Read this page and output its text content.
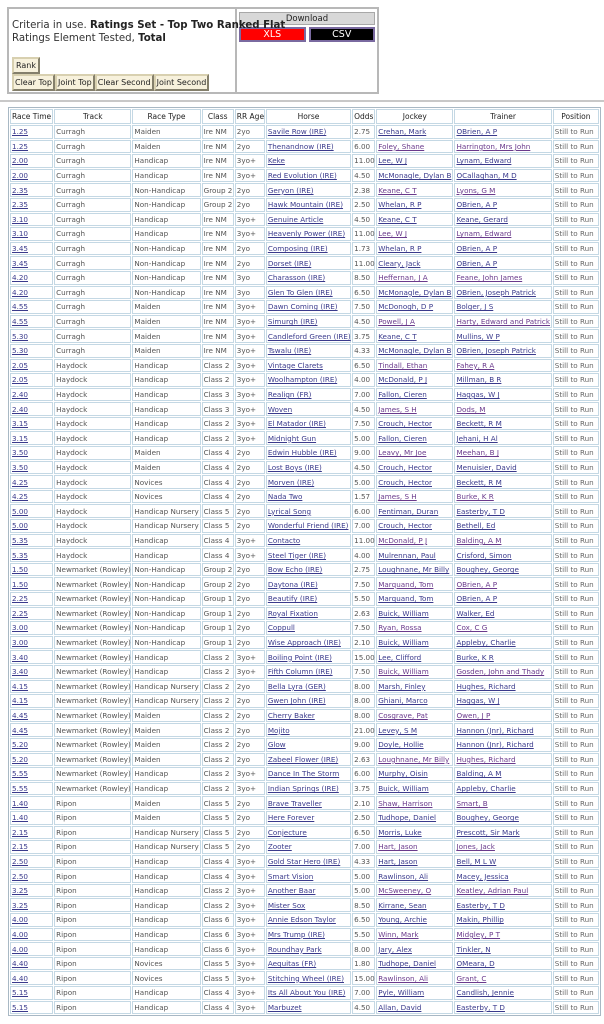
Criteria in use. Ratings Set - Top Two Ranked Flat
Ratings Element Tested, Total
Rank
Clear Top Joint Top Clear Second Joint Second
Download
XLS	CSV
Race Time	Track	Race Type	Class	RR Age	Horse	Odds	Jockey	Trainer	Position
1.25	Curragh	Maiden	Ire NM	2yo	Savile Row (IRE)	2.75	Crehan, Mark	OBrien, A P	Still to Run
1.25	Curragh	Maiden	Ire NM	2yo	Thenandnow (IRE)	6.00	Foley, Shane	Harrington, Mrs John	Still to Run
2.00	Curragh	Handicap	Ire NM	3yo+	Keke	11.00	Lee, W J	Lynam, Edward	Still to Run
2.00	Curragh	Handicap	Ire NM	3yo+	Red Evolution (IRE)	4.50	McMonagle, Dylan B	OCallaghan, M D	Still to Run
2.35	Curragh	Non-Handicap	Group 2	2yo	Geryon (IRE)	2.38	Keane, C T	Lyons, G M	Still to Run
2.35	Curragh	Non-Handicap	Group 2	2yo	Hawk Mountain (IRE)	2.50	Whelan, R P	OBrien, A P	Still to Run
3.10	Curragh	Handicap	Ire NM	3yo+	Genuine Article	4.50	Keane, C T	Keane, Gerard	Still to Run
3.10	Curragh	Handicap	Ire NM	3yo+	Heavenly Power (IRE)	11.00	Lee, W J	Lynam, Edward	Still to Run
3.45	Curragh	Non-Handicap	Ire NM	2yo	Composing (IRE)	1.73	Whelan, R P	OBrien, A P	Still to Run
3.45	Curragh	Non-Handicap	Ire NM	2yo	Dorset (IRE)	11.00	Cleary, Jack	OBrien, A P	Still to Run
4.20	Curragh	Non-Handicap	Ire NM	3yo	Charasson (IRE)	8.50	Heffernan, J A	Feane, John James	Still to Run
4.20	Curragh	Non-Handicap	Ire NM	3yo	Glen To Glen (IRE)	6.50	McMonagle, Dylan B	OBrien, Joseph Patrick	Still to Run
4.55	Curragh	Maiden	Ire NM	3yo+	Dawn Coming (IRE)	7.50	McDonogh, D P	Bolger, J S	Still to Run
4.55	Curragh	Maiden	Ire NM	3yo+	Simurgh (IRE)	4.50	Powell, J A	Harty, Edward and Patrick	Still to Run
5.30	Curragh	Maiden	Ire NM	3yo+	Candleford Green (IRE)	3.75	Keane, C T	Mullins, W P	Still to Run
5.30	Curragh	Maiden	Ire NM	3yo+	Tswalu (IRE)	4.33	McMonagle, Dylan B	OBrien, Joseph Patrick	Still to Run
2.05	Haydock	Handicap	Class 2	3yo+	Vintage Clarets	6.50	Tindall, Ethan	Fahey, R A	Still to Run
2.05	Haydock	Handicap	Class 2	3yo+	Woolhampton (IRE)	4.00	McDonald, P J	Millman, B R	Still to Run
2.40	Haydock	Handicap	Class 3	3yo+	Realign (FR)	7.00	Fallon, Cieren	Haggas, W J	Still to Run
2.40	Haydock	Handicap	Class 3	3yo+	Woven	4.50	James, S H	Dods, M	Still to Run
3.15	Haydock	Handicap	Class 2	3yo+	El Matador (IRE)	7.50	Crouch, Hector	Beckett, R M	Still to Run
3.15	Haydock	Handicap	Class 2	3yo+	Midnight Gun	5.00	Fallon, Cieren	Jehani, H Al	Still to Run
3.50	Haydock	Maiden	Class 4	2yo	Edwin Hubble (IRE)	9.00	Leavy, Mr Joe	Meehan, B J	Still to Run
3.50	Haydock	Maiden	Class 4	2yo	Lost Boys (IRE)	4.50	Crouch, Hector	Menuisier, David	Still to Run
4.25	Haydock	Novices	Class 4	2yo	Morven (IRE)	5.00	Crouch, Hector	Beckett, R M	Still to Run
4.25	Haydock	Novices	Class 4	2yo	Nada Two	1.57	James, S H	Burke, K R	Still to Run
5.00	Haydock	Handicap Nursery	Class 5	2yo	Lyrical Song	6.00	Fentiman, Duran	Easterby, T D	Still to Run
5.00	Haydock	Handicap Nursery	Class 5	2yo	Wonderful Friend (IRE)	7.00	Crouch, Hector	Bethell, Ed	Still to Run
5.35	Haydock	Handicap	Class 4	3yo+	Contacto	11.00	McDonald, P J	Balding, A M	Still to Run
5.35	Haydock	Handicap	Class 4	3yo+	Steel Tiger (IRE)	4.00	Mulrennan, Paul	Crisford, Simon	Still to Run
1.50	Newmarket (Rowley)	Non-Handicap	Group 2	2yo	Bow Echo (IRE)	2.75	Loughnane, Mr Billy	Boughey, George	Still to Run
1.50	Newmarket (Rowley)	Non-Handicap	Group 2	2yo	Daytona (IRE)	7.50	Marquand, Tom	OBrien, A P	Still to Run
2.25	Newmarket (Rowley)	Non-Handicap	Group 1	2yo	Beautify (IRE)	5.50	Marquand, Tom	OBrien, A P	Still to Run
2.25	Newmarket (Rowley)	Non-Handicap	Group 1	2yo	Royal Fixation	2.63	Buick, William	Walker, Ed	Still to Run
3.00	Newmarket (Rowley)	Non-Handicap	Group 1	2yo	Coppull	7.50	Ryan, Rossa	Cox, C G	Still to Run
3.00	Newmarket (Rowley)	Non-Handicap	Group 1	2yo	Wise Approach (IRE)	2.10	Buick, William	Appleby, Charlie	Still to Run
3.40	Newmarket (Rowley)	Handicap	Class 2	3yo+	Boiling Point (IRE)	15.00	Lee, Clifford	Burke, K R	Still to Run
3.40	Newmarket (Rowley)	Handicap	Class 2	3yo+	Fifth Column (IRE)	7.50	Buick, William	Gosden, John and Thady	Still to Run
4.15	Newmarket (Rowley)	Handicap Nursery	Class 2	2yo	Bella Lyra (GER)	8.00	Marsh, Finley	Hughes, Richard	Still to Run
4.15	Newmarket (Rowley)	Handicap Nursery	Class 2	2yo	Gwen John (IRE)	8.00	Ghiani, Marco	Haggas, W J	Still to Run
4.45	Newmarket (Rowley)	Maiden	Class 2	2yo	Cherry Baker	8.00	Cosgrave, Pat	Owen, J P	Still to Run
4.45	Newmarket (Rowley)	Maiden	Class 2	2yo	Mojito	21.00	Levey, S M	Hannon (Jnr), Richard	Still to Run
5.20	Newmarket (Rowley)	Maiden	Class 2	2yo	Glow	9.00	Doyle, Hollie	Hannon (Jnr), Richard	Still to Run
5.20	Newmarket (Rowley)	Maiden	Class 2	2yo	Zabeel Flower (IRE)	2.63	Loughnane, Mr Billy	Hughes, Richard	Still to Run
5.55	Newmarket (Rowley)	Handicap	Class 2	3yo+	Dance In The Storm	6.00	Murphy, Oisin	Balding, A M	Still to Run
5.55	Newmarket (Rowley)	Handicap	Class 2	3yo+	Indian Springs (IRE)	3.75	Buick, William	Appleby, Charlie	Still to Run
1.40	Ripon	Maiden	Class 5	2yo	Brave Traveller	2.10	Shaw, Harrison	Smart, B	Still to Run
1.40	Ripon	Maiden	Class 5	2yo	Here Forever	2.50	Tudhope, Daniel	Boughey, George	Still to Run
2.15	Ripon	Handicap Nursery	Class 5	2yo	Conjecture	6.50	Morris, Luke	Prescott, Sir Mark	Still to Run
2.15	Ripon	Handicap Nursery	Class 5	2yo	Zooter	7.00	Hart, Jason	Jones, Jack	Still to Run
2.50	Ripon	Handicap	Class 4	3yo+	Gold Star Hero (IRE)	4.33	Hart, Jason	Bell, M L W	Still to Run
2.50	Ripon	Handicap	Class 4	3yo+	Smart Vision	5.00	Rawlinson, Ali	Macey, Jessica	Still to Run
3.25	Ripon	Handicap	Class 2	3yo+	Another Baar	5.00	McSweeney, O	Keatley, Adrian Paul	Still to Run
3.25	Ripon	Handicap	Class 2	3yo+	Mister Sox	8.50	Kirrane, Sean	Easterby, T D	Still to Run
4.00	Ripon	Handicap	Class 6	3yo+	Annie Edson Taylor	6.50	Young, Archie	Makin, Phillip	Still to Run
4.00	Ripon	Handicap	Class 6	3yo+	Mrs Trump (IRE)	5.50	Winn, Mark	Midgley, P T	Still to Run
4.00	Ripon	Handicap	Class 6	3yo+	Roundhay Park	8.00	Jary, Alex	Tinkler, N	Still to Run
4.40	Ripon	Novices	Class 5	3yo+	Aequitas (FR)	1.80	Tudhope, Daniel	OMeara, D	Still to Run
4.40	Ripon	Novices	Class 5	3yo+	Stitching Wheel (IRE)	15.00	Rawlinson, Ali	Grant, C	Still to Run
5.15	Ripon	Handicap	Class 4	3yo+	Its All About You (IRE)	7.00	Pyle, William	Candlish, Jennie	Still to Run
5.15	Ripon	Handicap	Class 4	3yo+	Marbuzet	4.50	Allan, David	Easterby, T D	Still to Run
